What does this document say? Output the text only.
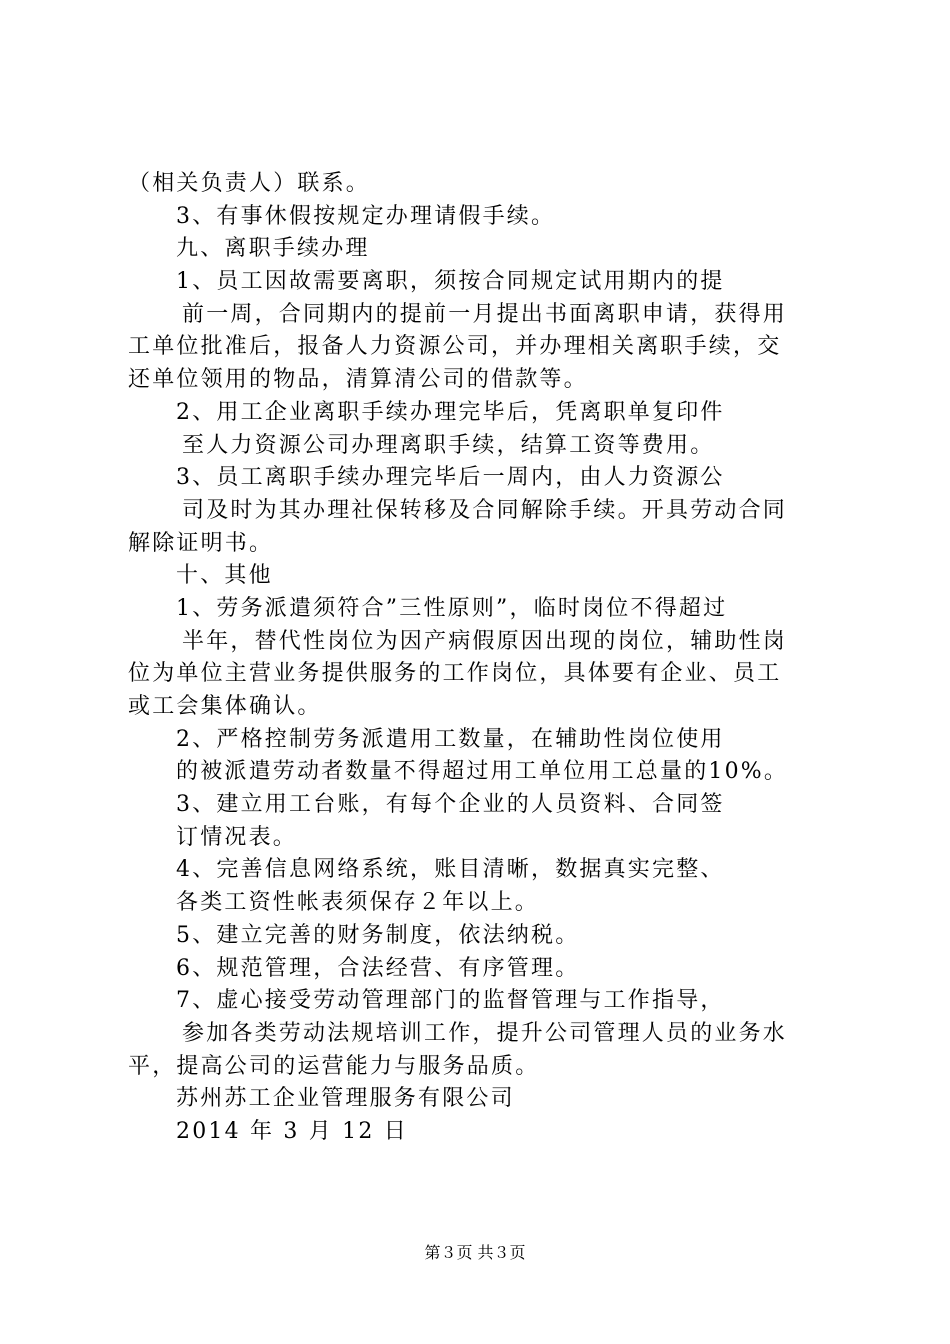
（相关负责人）联系。
3、有事休假按规定办理请假手续。
九、离职手续办理
1、员工因故需要离职，须按合同规定试用期内的提
前一周，合同期内的提前一月提出书面离职申请，获得用
工单位批准后，报备人力资源公司，并办理相关离职手续，交
还单位领用的物品，清算清公司的借款等。
2、用工企业离职手续办理完毕后，凭离职单复印件
至人力资源公司办理离职手续，结算工资等费用。
3、员工离职手续办理完毕后一周内，由人力资源公
司及时为其办理社保转移及合同解除手续。开具劳动合同
解除证明书。
十、其他
1、劳务派遣须符合”三性原则”，临时岗位不得超过
半年，替代性岗位为因产病假原因出现的岗位，辅助性岗
位为单位主营业务提供服务的工作岗位，具体要有企业、员工
或工会集体确认。
2、严格控制劳务派遣用工数量，在辅助性岗位使用
的被派遣劳动者数量不得超过用工单位用工总量的10%。
3、建立用工台账，有每个企业的人员资料、合同签
订情况表。
4、完善信息网络系统，账目清晰，数据真实完整、
各类工资性帐表须保存２年以上。
5、建立完善的财务制度，依法纳税。
6、规范管理，合法经营、有序管理。
7、虚心接受劳动管理部门的监督管理与工作指导，
参加各类劳动法规培训工作，提升公司管理人员的业务水
平，提高公司的运营能力与服务品质。
苏州苏工企业管理服务有限公司
2014 年 3 月 12 日
第３页 共３页
